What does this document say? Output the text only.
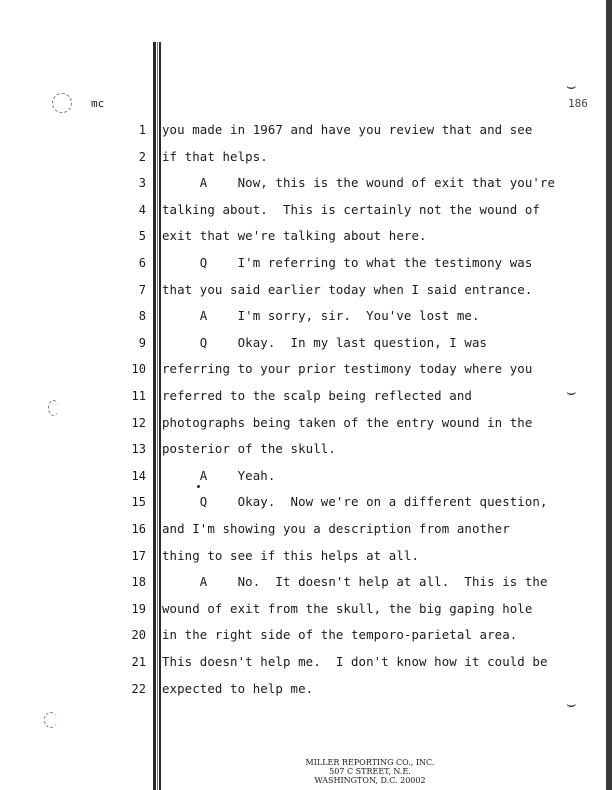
mc
⌣
186
⌣
⌣
1 you made in 1967 and have you review that and see
2 if that helps.
3 A    Now, this is the wound of exit that you're
4 talking about.  This is certainly not the wound of
5 exit that we're talking about here.
6 Q    I'm referring to what the testimony was
7 that you said earlier today when I said entrance.
8 A    I'm sorry, sir.  You've lost me.
9 Q    Okay.  In my last question, I was
10 referring to your prior testimony today where you
11 referred to the scalp being reflected and
12 photographs being taken of the entry wound in the
13 posterior of the skull.
14 A    Yeah.
15 Q    Okay.  Now we're on a different question,
16 and I'm showing you a description from another
17 thing to see if this helps at all.
18 A    No.  It doesn't help at all.  This is the
19 wound of exit from the skull, the big gaping hole
20 in the right side of the temporo-parietal area.
21 This doesn't help me.  I don't know how it could be
22 expected to help me.
MILLER REPORTING CO., INC.
507 C STREET, N.E.
WASHINGTON, D.C. 20002
